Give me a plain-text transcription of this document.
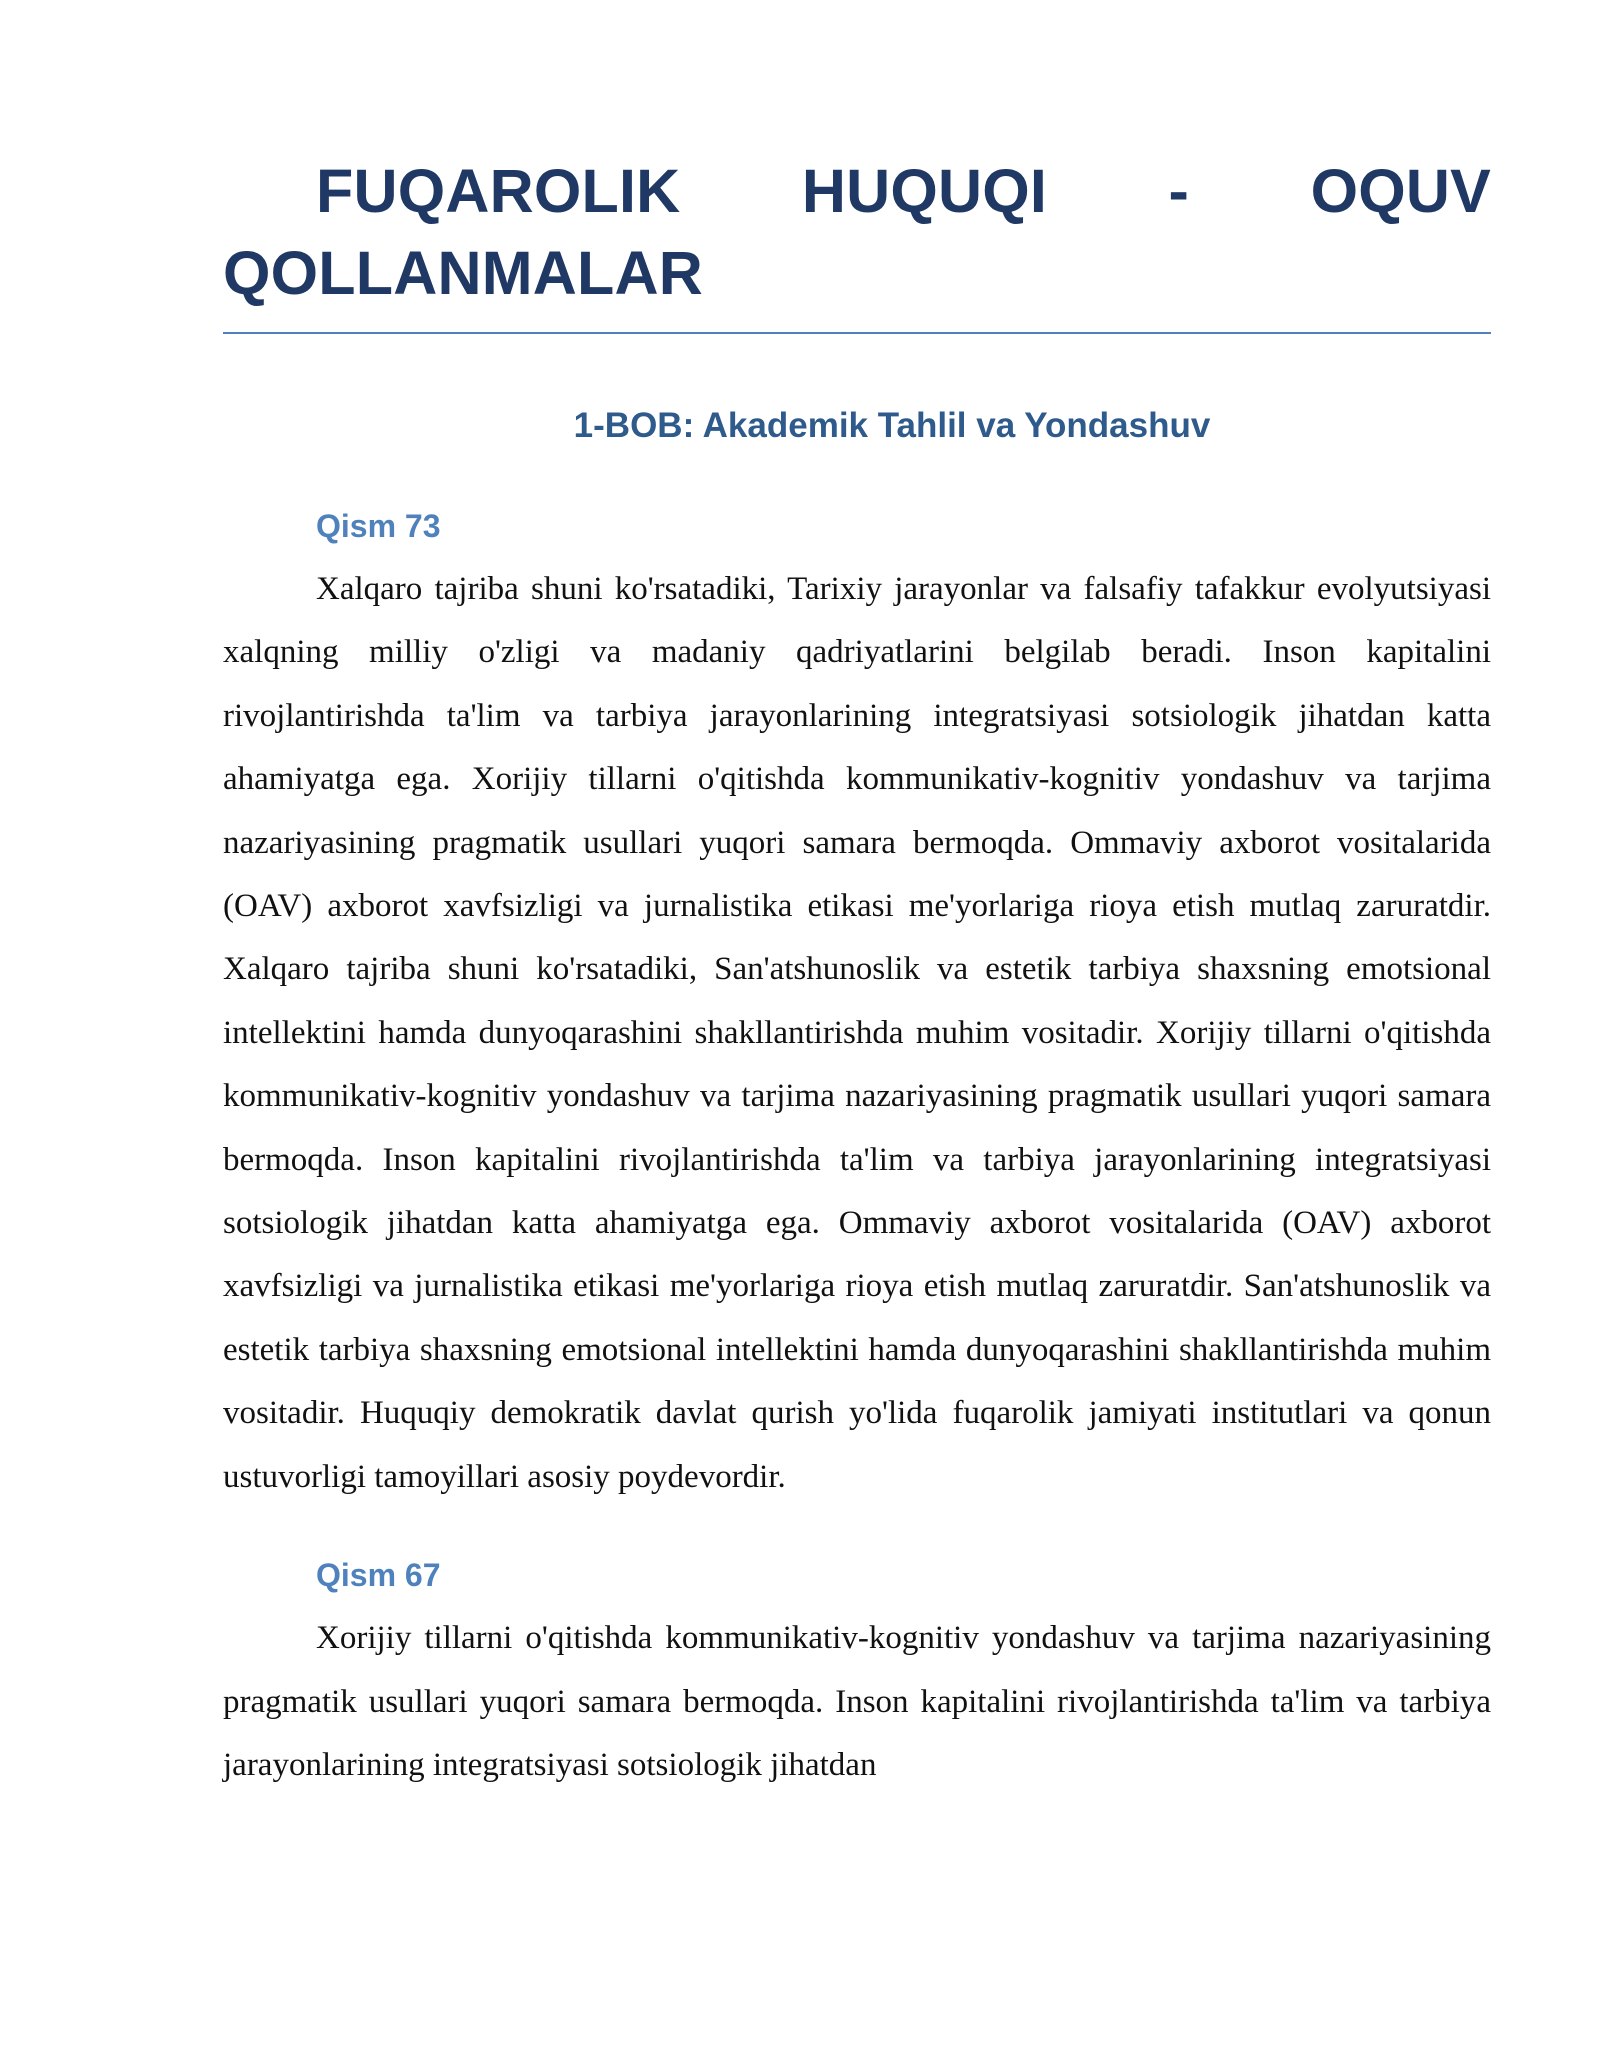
FUQAROLIK HUQUQI - OQUV QOLLANMALAR
1-BOB: Akademik Tahlil va Yondashuv
Qism 73

Xalqaro tajriba shuni ko'rsatadiki, Tarixiy jarayonlar va falsafiy tafakkur evolyutsiyasi xalqning milliy o'zligi va madaniy qadriyatlarini belgilab beradi. Inson kapitalini rivojlantirishda ta'lim va tarbiya jarayonlarining integratsiyasi sotsiologik jihatdan katta ahamiyatga ega. Xorijiy tillarni o'qitishda kommunikativ-kognitiv yondashuv va tarjima nazariyasining pragmatik usullari yuqori samara bermoqda. Ommaviy axborot vositalarida (OAV) axborot xavfsizligi va jurnalistika etikasi me'yorlariga rioya etish mutlaq zaruratdir. Xalqaro tajriba shuni ko'rsatadiki, San'atshunoslik va estetik tarbiya shaxsning emotsional intellektini hamda dunyoqarashini shakllantirishda muhim vositadir. Xorijiy tillarni o'qitishda kommunikativ-kognitiv yondashuv va tarjima nazariyasining pragmatik usullari yuqori samara bermoqda. Inson kapitalini rivojlantirishda ta'lim va tarbiya jarayonlarining integratsiyasi sotsiologik jihatdan katta ahamiyatga ega. Ommaviy axborot vositalarida (OAV) axborot xavfsizligi va jurnalistika etikasi me'yorlariga rioya etish mutlaq zaruratdir. San'atshunoslik va estetik tarbiya shaxsning emotsional intellektini hamda dunyoqarashini shakllantirishda muhim vositadir. Huquqiy demokratik davlat qurish yo'lida fuqarolik jamiyati institutlari va qonun ustuvorligi tamoyillari asosiy poydevordir.

Qism 67

Xorijiy tillarni o'qitishda kommunikativ-kognitiv yondashuv va tarjima nazariyasining pragmatik usullari yuqori samara bermoqda. Inson kapitalini rivojlantirishda ta'lim va tarbiya jarayonlarining integratsiyasi sotsiologik jihatdan
